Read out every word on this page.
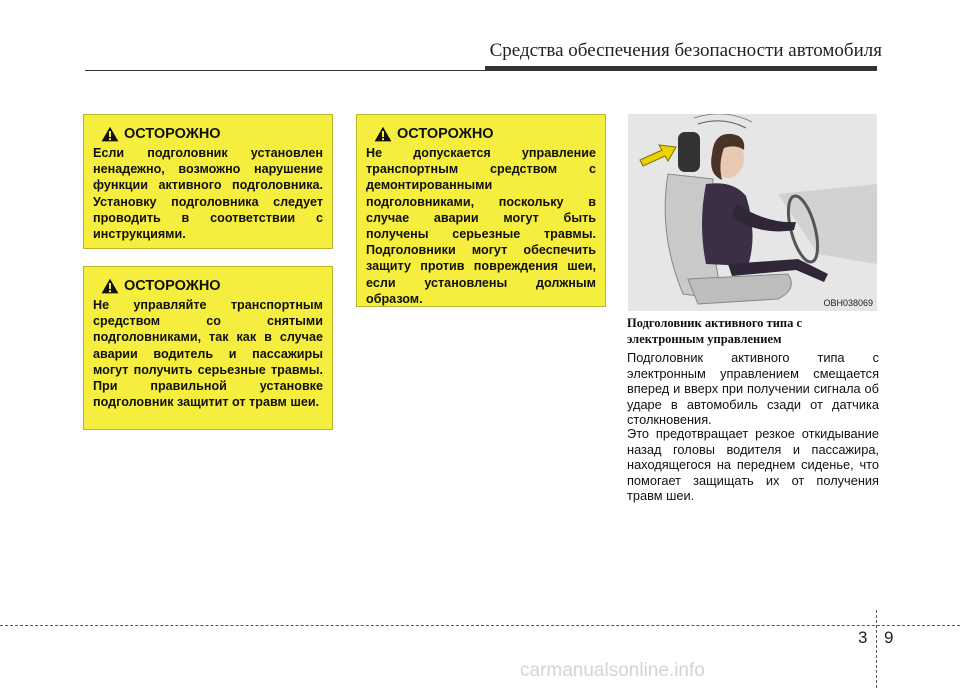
Средства обеспечения безопасности автомобиля
ОСТОРОЖНО
Если подголовник установлен ненадежно, возможно нарушение функции активного подголовника. Установку подголовника следует проводить в соответствии с инструкциями.
ОСТОРОЖНО
Не управляйте транспортным средством со снятыми подголовниками, так как в случае аварии водитель и пассажиры могут получить серьезные травмы. При правильной установке подголовник защитит от травм шеи.
ОСТОРОЖНО
Не допускается управление транспортным средством с демонтированными подголовниками, поскольку в случае аварии могут быть получены серьезные травмы. Подголовники могут обеспечить защиту против повреждения шеи, если установлены должным образом.	OBH038069
Подголовник активного типа с электронным управлением
Подголовник активного типа с электронным управлением смещается вперед и вверх при получении сигнала об ударе в автомобиль сзади от датчика столкновения.
Это предотвращает резкое откидывание назад головы водителя и пассажира, находящегося на переднем сиденье, что помогает защищать их от получения травм шеи.
3 9
carmanualsonline.info
